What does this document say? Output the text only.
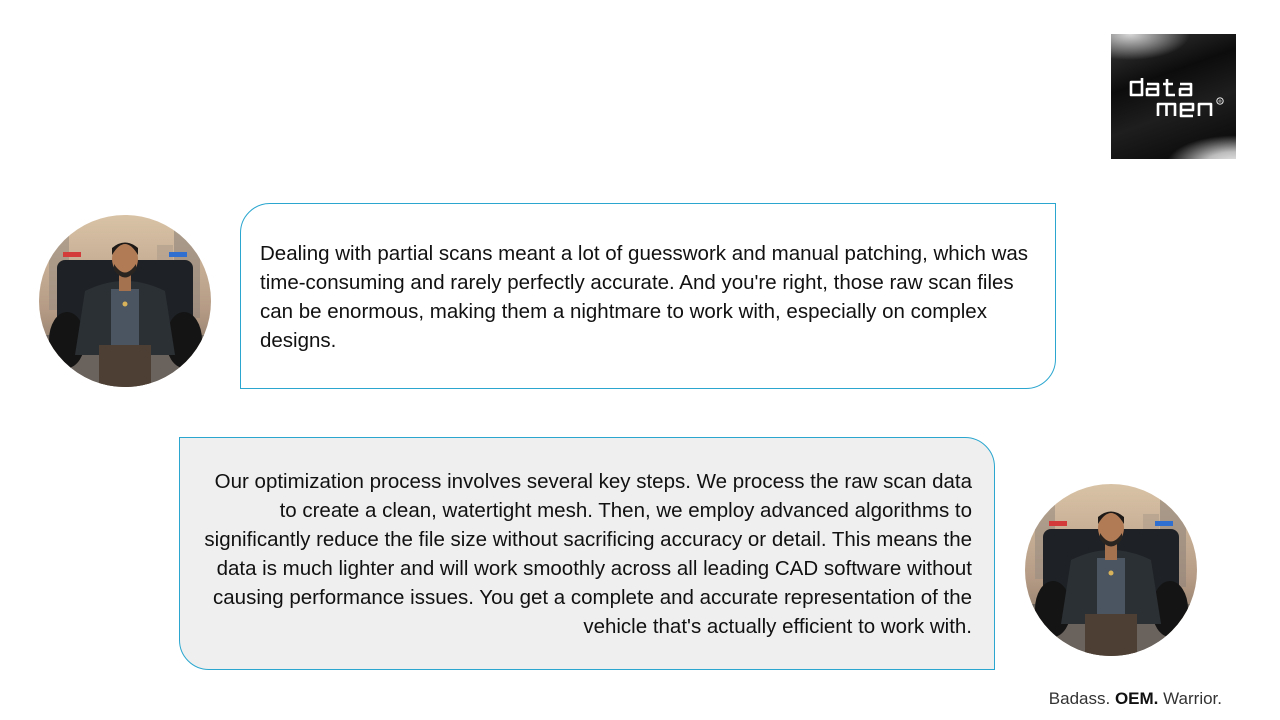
®
Dealing with partial scans meant a lot of guesswork and manual patching, which was time-consuming and rarely perfectly accurate. And you're right, those raw scan files can be enormous, making them a nightmare to work with, especially on complex designs.
Our optimization process involves several key steps. We process the raw scan data to create a clean, watertight mesh. Then, we employ advanced algorithms to significantly reduce the file size without sacrificing accuracy or detail. This means the data is much lighter and will work smoothly across all leading CAD software without causing performance issues. You get a complete and accurate representation of the vehicle that's actually efficient to work with.
Badass. OEM. Warrior.
